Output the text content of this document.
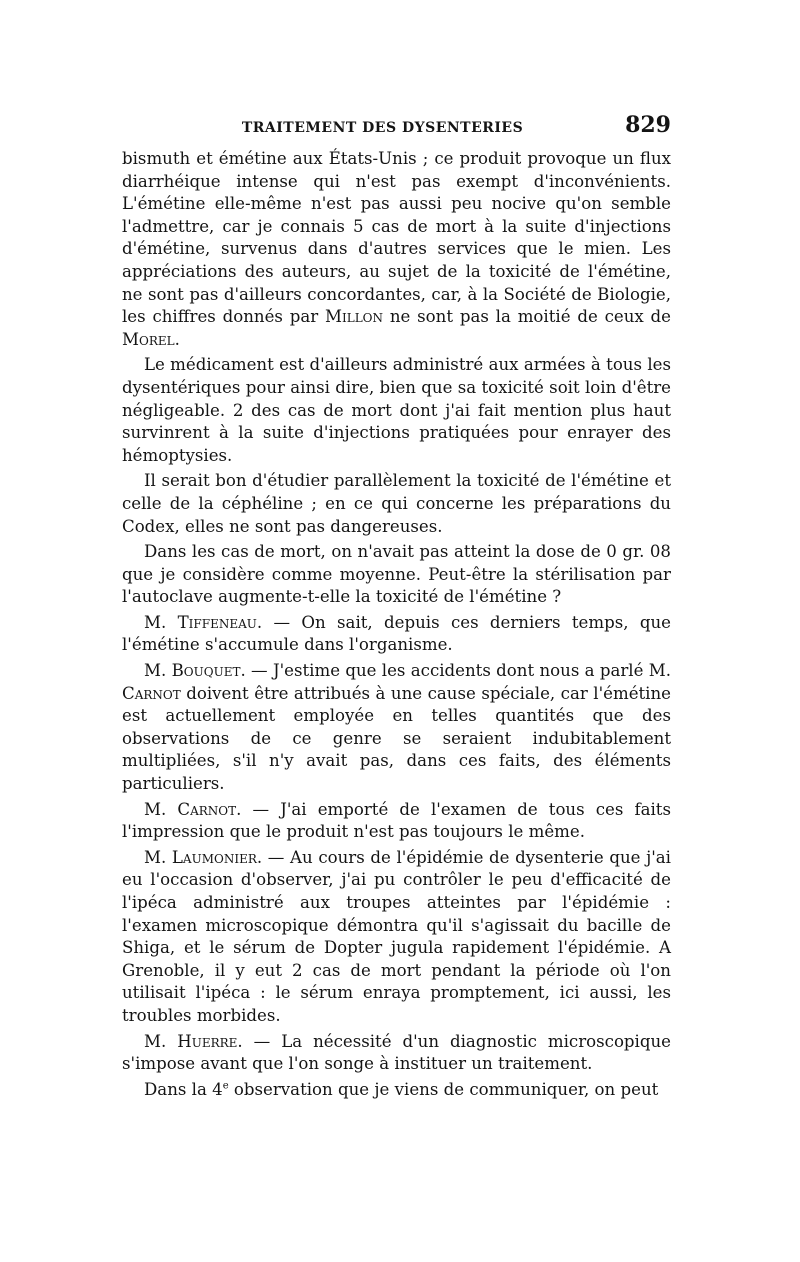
TRAITEMENT DES DYSENTERIES	829

bismuth et émétine aux États-Unis ; ce produit provoque un flux diarrhéique intense qui n'est pas exempt d'inconvénients. L'émétine elle-même n'est pas aussi peu nocive qu'on semble l'admettre, car je connais 5 cas de mort à la suite d'injections d'émétine, survenus dans d'autres services que le mien. Les appréciations des auteurs, au sujet de la toxicité de l'émétine, ne sont pas d'ailleurs concordantes, car, à la Société de Biologie, les chiffres donnés par Millon ne sont pas la moitié de ceux de Morel.

Le médicament est d'ailleurs administré aux armées à tous les dysentériques pour ainsi dire, bien que sa toxicité soit loin d'être négligeable. 2 des cas de mort dont j'ai fait mention plus haut survinrent à la suite d'injections pratiquées pour enrayer des hémoptysies.

Il serait bon d'étudier parallèlement la toxicité de l'émétine et celle de la céphéline ; en ce qui concerne les préparations du Codex, elles ne sont pas dangereuses.

Dans les cas de mort, on n'avait pas atteint la dose de 0 gr. 08 que je considère comme moyenne. Peut-être la stérilisation par l'autoclave augmente-t-elle la toxicité de l'émétine ?

M. Tiffeneau. — On sait, depuis ces derniers temps, que l'émétine s'accumule dans l'organisme.

M. Bouquet. — J'estime que les accidents dont nous a parlé M. Carnot doivent être attribués à une cause spéciale, car l'émétine est actuellement employée en telles quantités que des observations de ce genre se seraient indubitablement multipliées, s'il n'y avait pas, dans ces faits, des éléments particuliers.

M. Carnot. — J'ai emporté de l'examen de tous ces faits l'impression que le produit n'est pas toujours le même.

M. Laumonier. — Au cours de l'épidémie de dysenterie que j'ai eu l'occasion d'observer, j'ai pu contrôler le peu d'efficacité de l'ipéca administré aux troupes atteintes par l'épidémie : l'examen microscopique démontra qu'il s'agissait du bacille de Shiga, et le sérum de Dopter jugula rapidement l'épidémie. A Grenoble, il y eut 2 cas de mort pendant la période où l'on utilisait l'ipéca : le sérum enraya promptement, ici aussi, les troubles morbides.

M. Huerre. — La nécessité d'un diagnostic microscopique s'impose avant que l'on songe à instituer un traitement.

Dans la 4e observation que je viens de communiquer, on peut
